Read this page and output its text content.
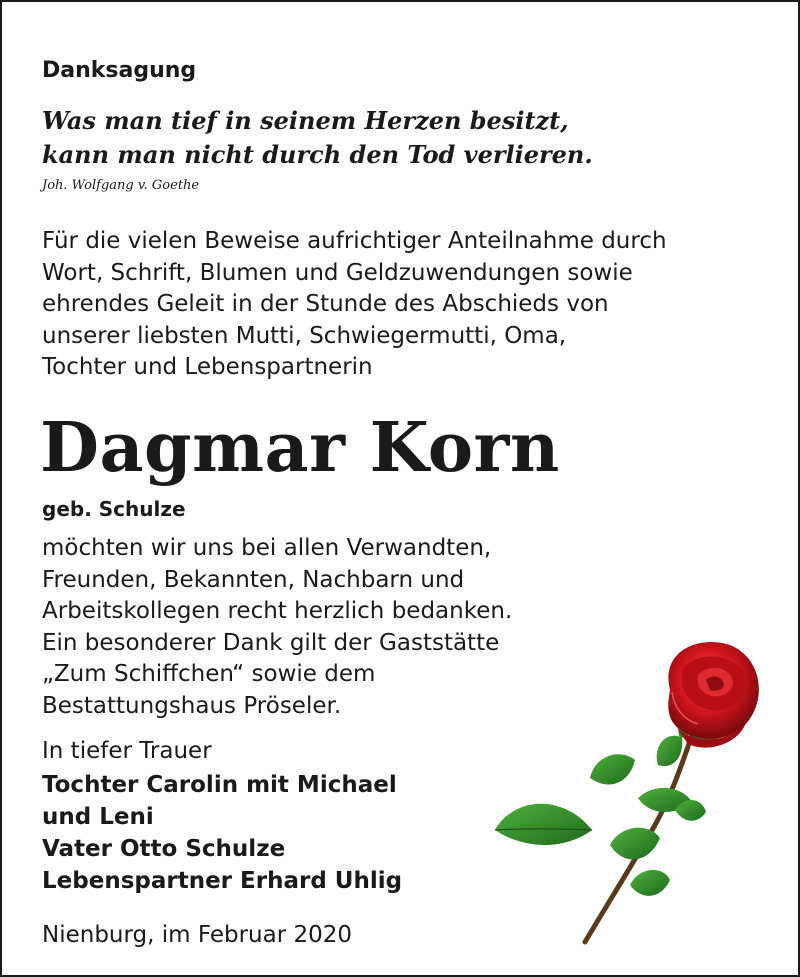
Danksagung

Was man tief in seinem Herzen besitzt,
kann man nicht durch den Tod verlieren.

Joh. Wolfgang v. Goethe

Für die vielen Beweise aufrichtiger Anteilnahme durch
Wort, Schrift, Blumen und Geldzuwendungen sowie
ehrendes Geleit in der Stunde des Abschieds von
unserer liebsten Mutti, Schwiegermutti, Oma,
Tochter und Lebenspartnerin

Dagmar Korn

geb. Schulze

möchten wir uns bei allen Verwandten,
Freunden, Bekannten, Nachbarn und
Arbeitskollegen recht herzlich bedanken.
Ein besonderer Dank gilt der Gaststätte
„Zum Schiffchen“ sowie dem
Bestattungshaus Pröseler.

In tiefer Trauer

Tochter Carolin mit Michael
und Leni
Vater Otto Schulze
Lebenspartner Erhard Uhlig

Nienburg, im Februar 2020
